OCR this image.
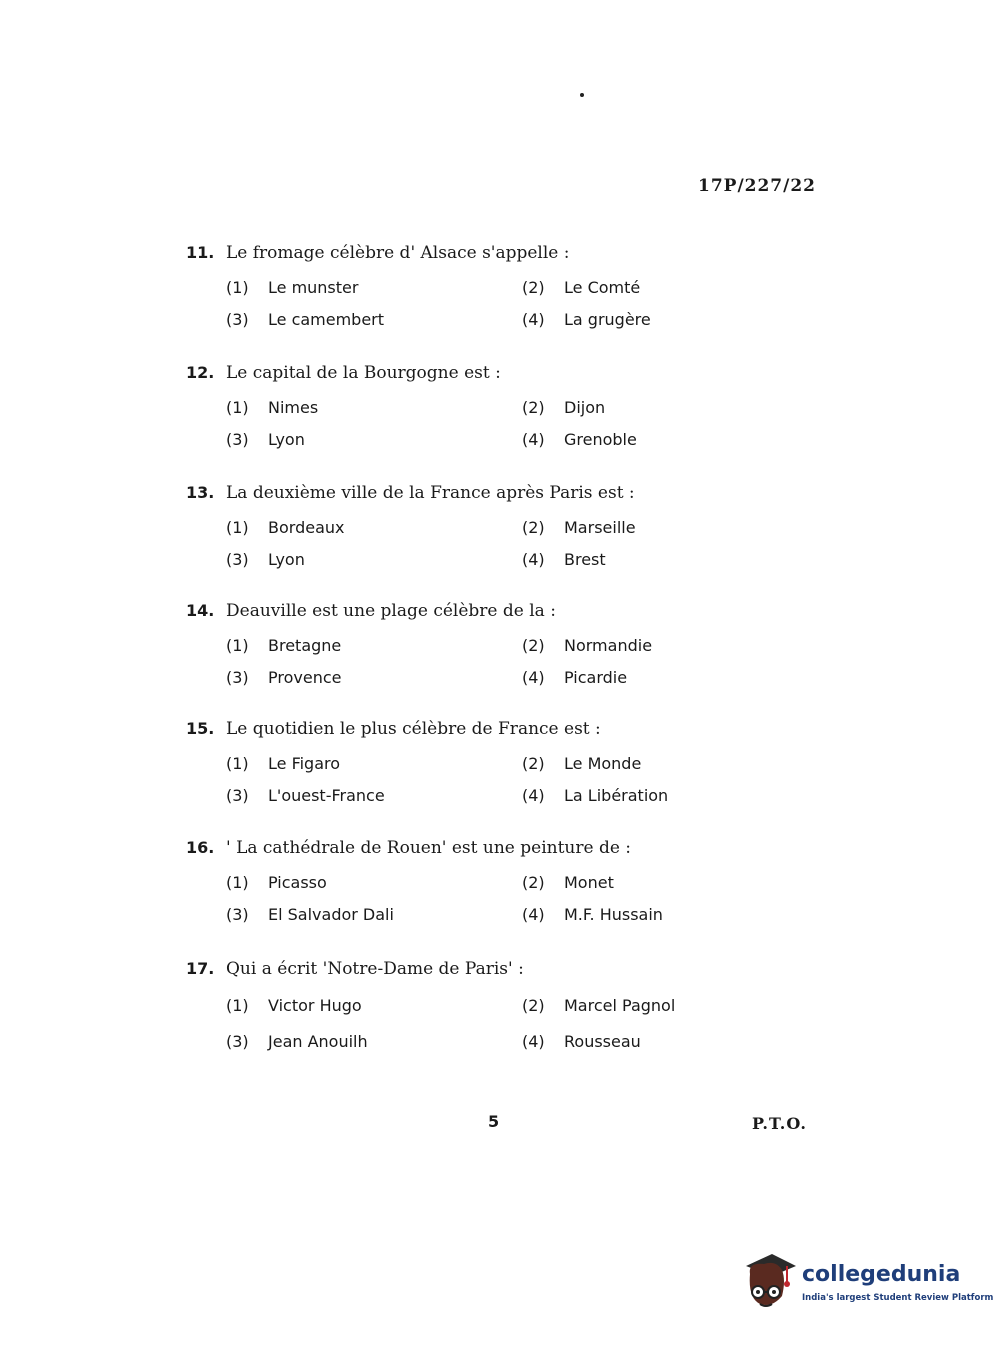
17P/227/22
11. Le fromage célèbre d' Alsace s'appelle :
(1) Le munster	(2) Le Comté
(3) Le camembert	(4) La grugère
12. Le capital de la Bourgogne est :
(1) Nimes	(2) Dijon
(3) Lyon	(4) Grenoble
13. La deuxième ville de la France après Paris est :
(1) Bordeaux	(2) Marseille
(3) Lyon	(4) Brest
14. Deauville est une plage célèbre de la :
(1) Bretagne	(2) Normandie
(3) Provence	(4) Picardie
15. Le quotidien le plus célèbre de France est :
(1) Le Figaro	(2) Le Monde
(3) L'ouest-France	(4) La Libération
16. ' La cathédrale de Rouen' est une peinture de :
(1) Picasso	(2) Monet
(3) El Salvador Dali	(4) M.F. Hussain
17. Qui a écrit 'Notre-Dame de Paris' :
(1) Victor Hugo	(2) Marcel Pagnol
(3) Jean Anouilh	(4) Rousseau
5	P.T.O.
collegedunia
India's largest Student Review Platform
